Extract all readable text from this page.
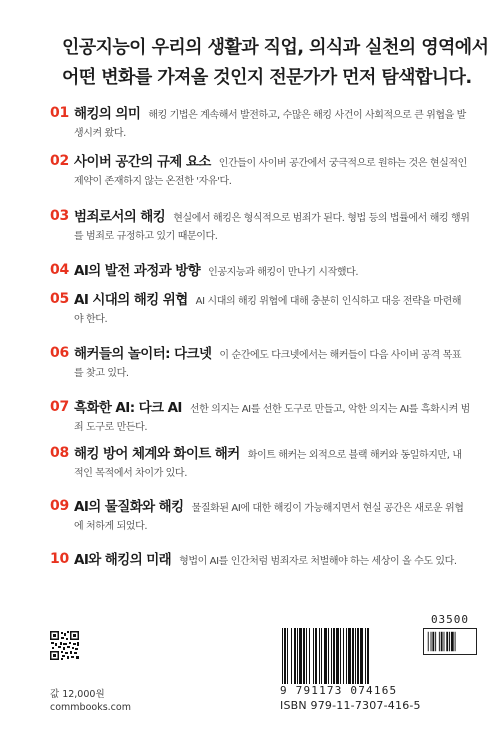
인공지능이 우리의 생활과 직업, 의식과 실천의 영역에서
어떤 변화를 가져올 것인지 전문가가 먼저 탐색합니다.
01 해킹의 의미 해킹 기법은 계속해서 발전하고, 수많은 해킹 사건이 사회적으로 큰 위협을 발생시켜 왔다.
02 사이버 공간의 규제 요소 인간들이 사이버 공간에서 궁극적으로 원하는 것은 현실적인 제약이 존재하지 않는 온전한 '자유'다.
03 범죄로서의 해킹 현실에서 해킹은 형식적으로 범죄가 된다. 형법 등의 법률에서 해킹 행위를 범죄로 규정하고 있기 때문이다.
04 AI의 발전 과정과 방향 인공지능과 해킹이 만나기 시작했다.
05 AI 시대의 해킹 위협 AI 시대의 해킹 위협에 대해 충분히 인식하고 대응 전략을 마련해야 한다.
06 해커들의 놀이터: 다크넷 이 순간에도 다크넷에서는 해커들이 다음 사이버 공격 목표를 찾고 있다.
07 흑화한 AI: 다크 AI 선한 의지는 AI를 선한 도구로 만들고, 악한 의지는 AI를 흑화시켜 범죄 도구로 만든다.
08 해킹 방어 체계와 화이트 해커 화이트 해커는 외적으로 블랙 해커와 동일하지만, 내적인 목적에서 차이가 있다.
09 AI의 물질화와 해킹 물질화된 AI에 대한 해킹이 가능해지면서 현실 공간은 새로운 위협에 처하게 되었다.
10 AI와 해킹의 미래 형법이 AI를 인간처럼 범죄자로 처벌해야 하는 세상이 올 수도 있다.
값 12,000원
commbooks.com
03500
9 791173 074165
ISBN 979-11-7307-416-5
